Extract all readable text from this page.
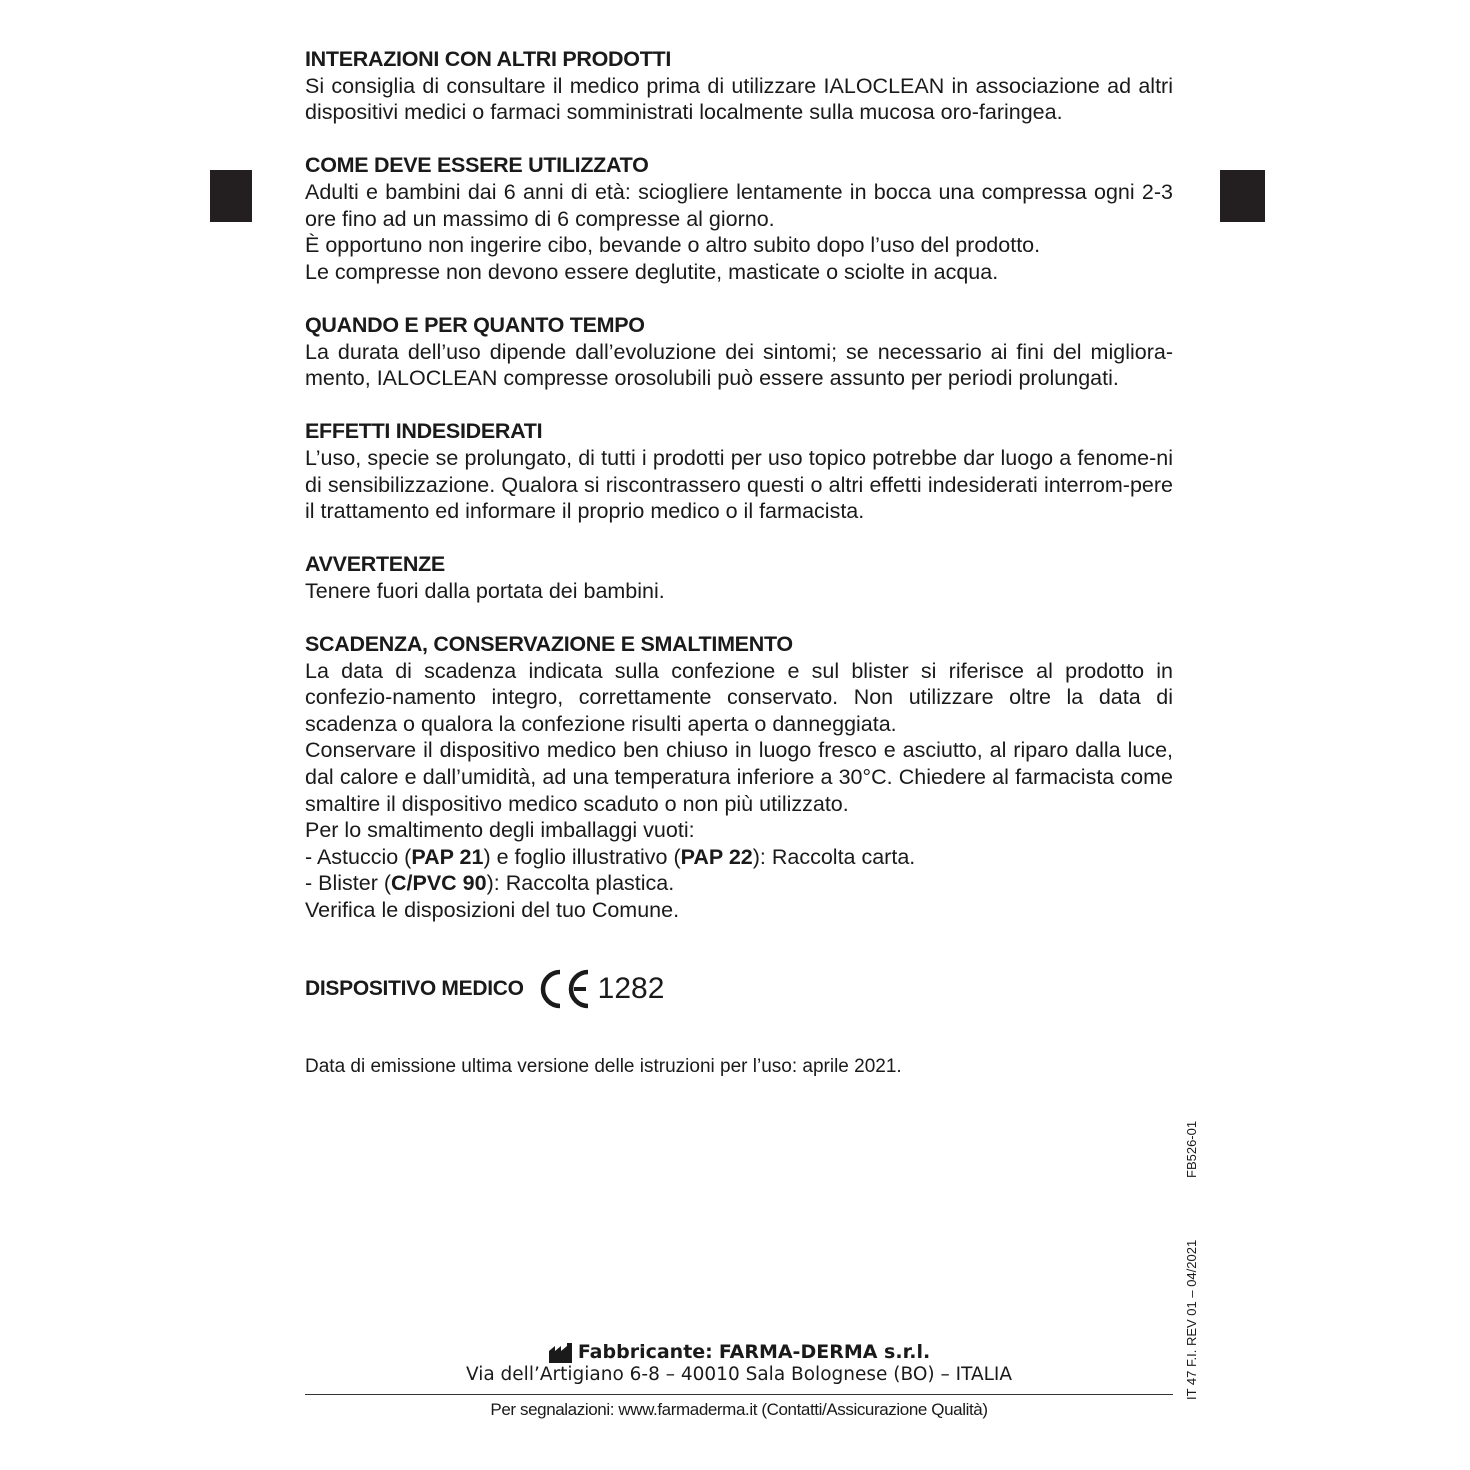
INTERAZIONI CON ALTRI PRODOTTI

Si consiglia di consultare il medico prima di utilizzare IALOCLEAN in associazione ad altri dispositivi medici o farmaci somministrati localmente sulla mucosa oro-faringea.

COME DEVE ESSERE UTILIZZATO

Adulti e bambini dai 6 anni di età: sciogliere lentamente in bocca una compressa ogni 2-3 ore fino ad un massimo di 6 compresse al giorno.

È opportuno non ingerire cibo, bevande o altro subito dopo l’uso del prodotto.

Le compresse non devono essere deglutite, masticate o sciolte in acqua.

QUANDO E PER QUANTO TEMPO

La durata dell’uso dipende dall’evoluzione dei sintomi; se necessario ai fini del migliora-mento, IALOCLEAN compresse orosolubili può essere assunto per periodi prolungati.

EFFETTI INDESIDERATI

L’uso, specie se prolungato, di tutti i prodotti per uso topico potrebbe dar luogo a fenome-ni di sensibilizzazione. Qualora si riscontrassero questi o altri effetti indesiderati interrom-pere il trattamento ed informare il proprio medico o il farmacista.

AVVERTENZE

Tenere fuori dalla portata dei bambini.

SCADENZA, CONSERVAZIONE E SMALTIMENTO

La data di scadenza indicata sulla confezione e sul blister si riferisce al prodotto in confezio-namento integro, correttamente conservato. Non utilizzare oltre la data di scadenza o qualora la confezione risulti aperta o danneggiata.

Conservare il dispositivo medico ben chiuso in luogo fresco e asciutto, al riparo dalla luce, dal calore e dall’umidità, ad una temperatura inferiore a 30°C. Chiedere al farmacista come smaltire il dispositivo medico scaduto o non più utilizzato.

Per lo smaltimento degli imballaggi vuoti:

- Astuccio (PAP 21) e foglio illustrativo (PAP 22): Raccolta carta.

- Blister (C/PVC 90): Raccolta plastica.

Verifica le disposizioni del tuo Comune.

DISPOSITIVO MEDICO 1282
Data di emissione ultima versione delle istruzioni per l’uso: aprile 2021.
FB526-01
IT 47 F.I. REV 01 – 04/2021
Fabbricante:
FARMA-DERMA s.r.l.
Via dell’Artigiano 6-8 – 40010 Sala Bolognese (BO) – ITALIA
Per segnalazioni: www.farmaderma.it (Contatti/Assicurazione Qualità)
